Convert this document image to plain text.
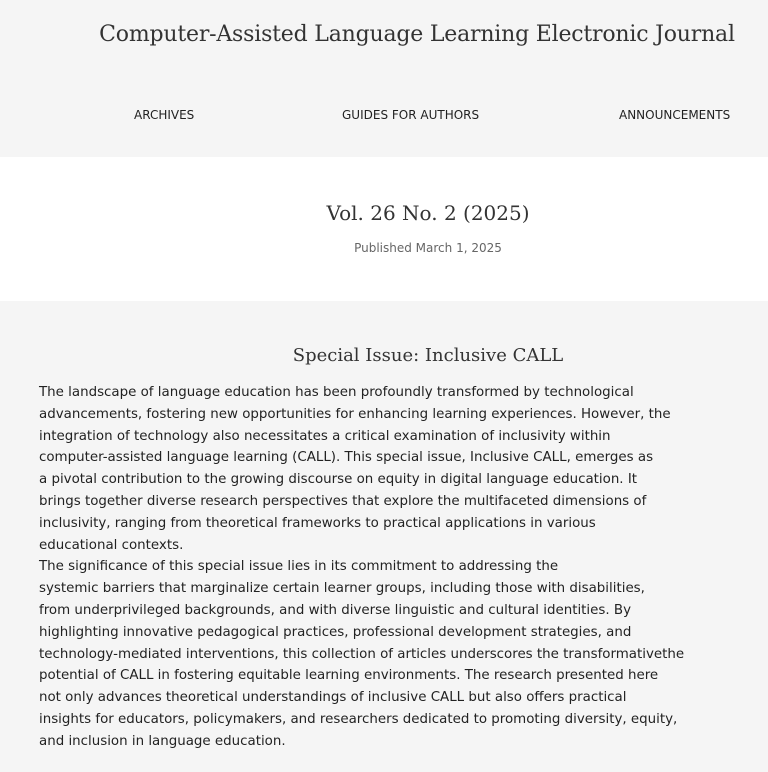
Computer-Assisted Language Learning Electronic Journal
ARCHIVES	GUIDES FOR AUTHORS	ANNOUNCEMENTS
Vol. 26 No. 2 (2025)
Published March 1, 2025
Special Issue: Inclusive CALL
The landscape of language education has been profoundly transformed by technological
advancements, fostering new opportunities for enhancing learning experiences. However, the
integration of technology also necessitates a critical examination of inclusivity within
computer-assisted language learning (CALL). This special issue, Inclusive CALL, emerges as
a pivotal contribution to the growing discourse on equity in digital language education. It
brings together diverse research perspectives that explore the multifaceted dimensions of
inclusivity, ranging from theoretical frameworks to practical applications in various
educational contexts.
The significance of this special issue lies in its commitment to addressing the
systemic barriers that marginalize certain learner groups, including those with disabilities,
from underprivileged backgrounds, and with diverse linguistic and cultural identities. By
highlighting innovative pedagogical practices, professional development strategies, and
technology-mediated interventions, this collection of articles underscores the transformativethe
potential of CALL in fostering equitable learning environments. The research presented here
not only advances theoretical understandings of inclusive CALL but also offers practical
insights for educators, policymakers, and researchers dedicated to promoting diversity, equity,
and inclusion in language education.
